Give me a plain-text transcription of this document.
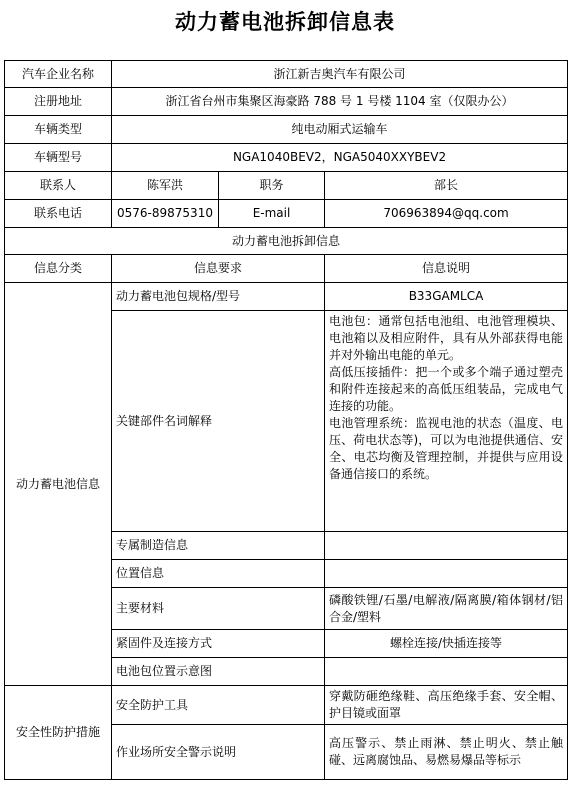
动力蓄电池拆卸信息表
汽车企业名称	浙江新吉奥汽车有限公司		
注册地址	浙江省台州市集聚区海豪路 788 号 1 号楼 1104 室（仅限办公）		
车辆类型	纯电动厢式运输车		
车辆型号	NGA1040BEV2，NGA5040XXYBEV2		
联系人	陈军洪	职务	部长
联系电话	0576-89875310	E-mail	706963894@qq.com
动力蓄电池拆卸信息			
信息分类	信息要求		信息说明
动力蓄电池信息	动力蓄电池包规格/型号		B33GAMLCA
	关键部件名词解释		电池包：通常包括电池组、电池管理模块、电池箱以及相应附件，具有从外部获得电能并对外输出电能的单元。

高低压接插件：把一个或多个端子通过塑壳和附件连接起来的高低压组装品，完成电气连接的功能。

电池管理系统：监视电池的状态（温度、电压、荷电状态等)，可以为电池提供通信、安全、电芯均衡及管理控制，并提供与应用设备通信接口的系统。

	专属制造信息		
	位置信息		
	主要材料		磷酸铁锂/石墨/电解液/隔离膜/箱体钢材/铝合金/塑料
	紧固件及连接方式		螺栓连接/快插连接等
	电池包位置示意图		
安全性防护措施	安全防护工具		穿戴防砸绝缘鞋、高压绝缘手套、安全帽、护目镜或面罩
	作业场所安全警示说明		高压警示、禁止雨淋、禁止明火、禁止触碰、远离腐蚀品、易燃易爆品等标示
